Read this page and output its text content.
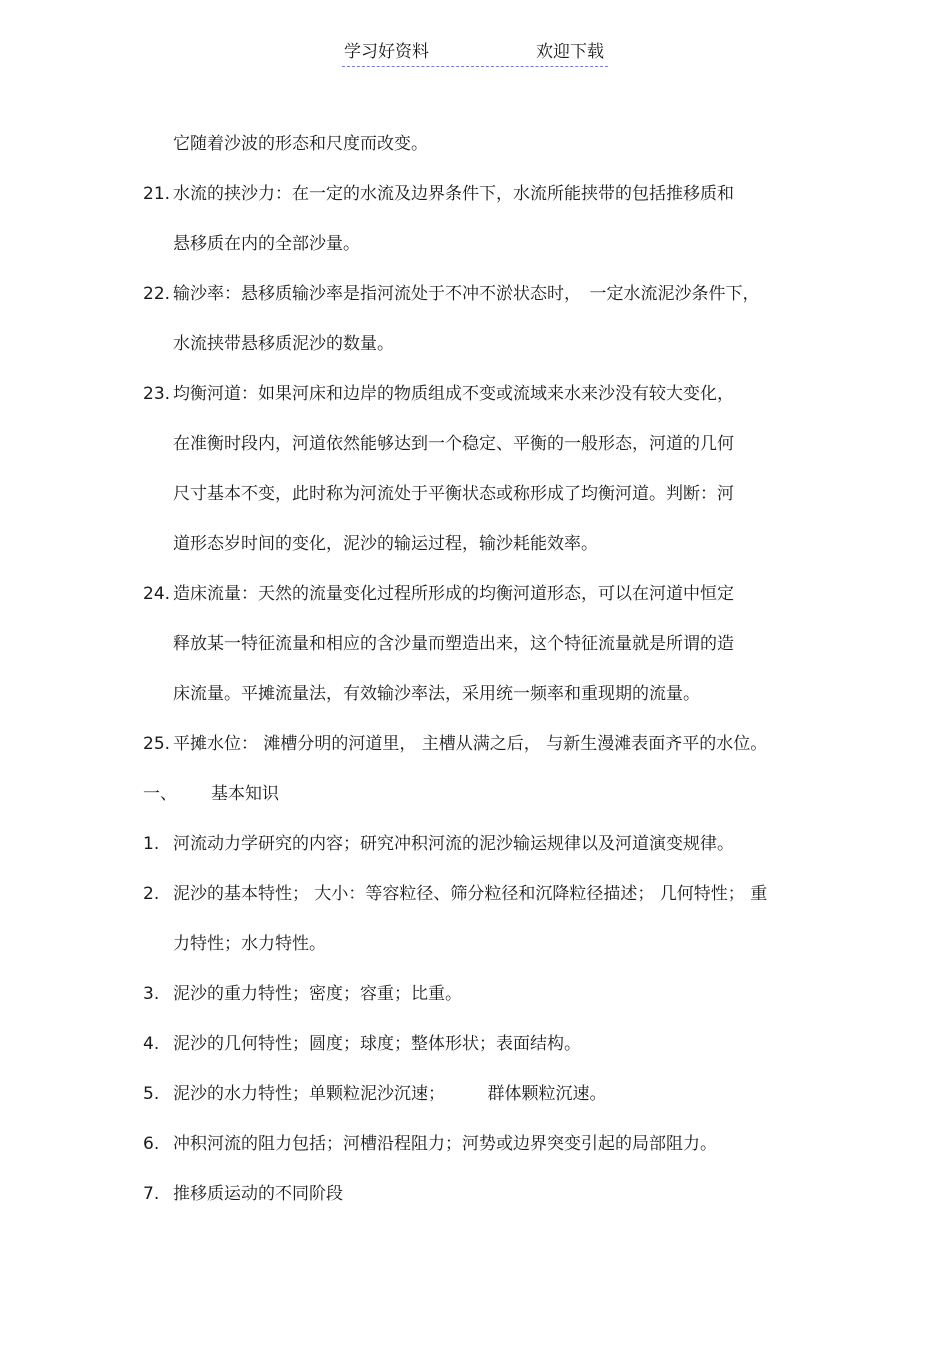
学习好资料	欢迎下载
它随着沙波的形态和尺度而改变。
21. 水流的挟沙力：在一定的水流及边界条件下，水流所能挟带的包括推移质和
悬移质在内的全部沙量。
22. 输沙率：悬移质输沙率是指河流处于不冲不淤状态时，　一定水流泥沙条件下，
水流挟带悬移质泥沙的数量。
23. 均衡河道：如果河床和边岸的物质组成不变或流域来水来沙没有较大变化，
在准衡时段内，河道依然能够达到一个稳定、平衡的一般形态，河道的几何
尺寸基本不变，此时称为河流处于平衡状态或称形成了均衡河道。判断：河
道形态岁时间的变化，泥沙的输运过程，输沙耗能效率。
24. 造床流量：天然的流量变化过程所形成的均衡河道形态，可以在河道中恒定
释放某一特征流量和相应的含沙量而塑造出来，这个特征流量就是所谓的造
床流量。平摊流量法，有效输沙率法，采用统一频率和重现期的流量。
25. 平摊水位： 滩槽分明的河道里， 主槽从满之后， 与新生漫滩表面齐平的水位。
一、 基本知识
1. 河流动力学研究的内容；研究冲积河流的泥沙输运规律以及河道演变规律。
2. 泥沙的基本特性； 大小：等容粒径、筛分粒径和沉降粒径描述； 几何特性； 重
力特性；水力特性。
3. 泥沙的重力特性；密度；容重；比重。
4. 泥沙的几何特性；圆度；球度；整体形状；表面结构。
5. 泥沙的水力特性；单颗粒泥沙沉速；　　　群体颗粒沉速。
6. 冲积河流的阻力包括；河槽沿程阻力；河势或边界突变引起的局部阻力。
7. 推移质运动的不同阶段
